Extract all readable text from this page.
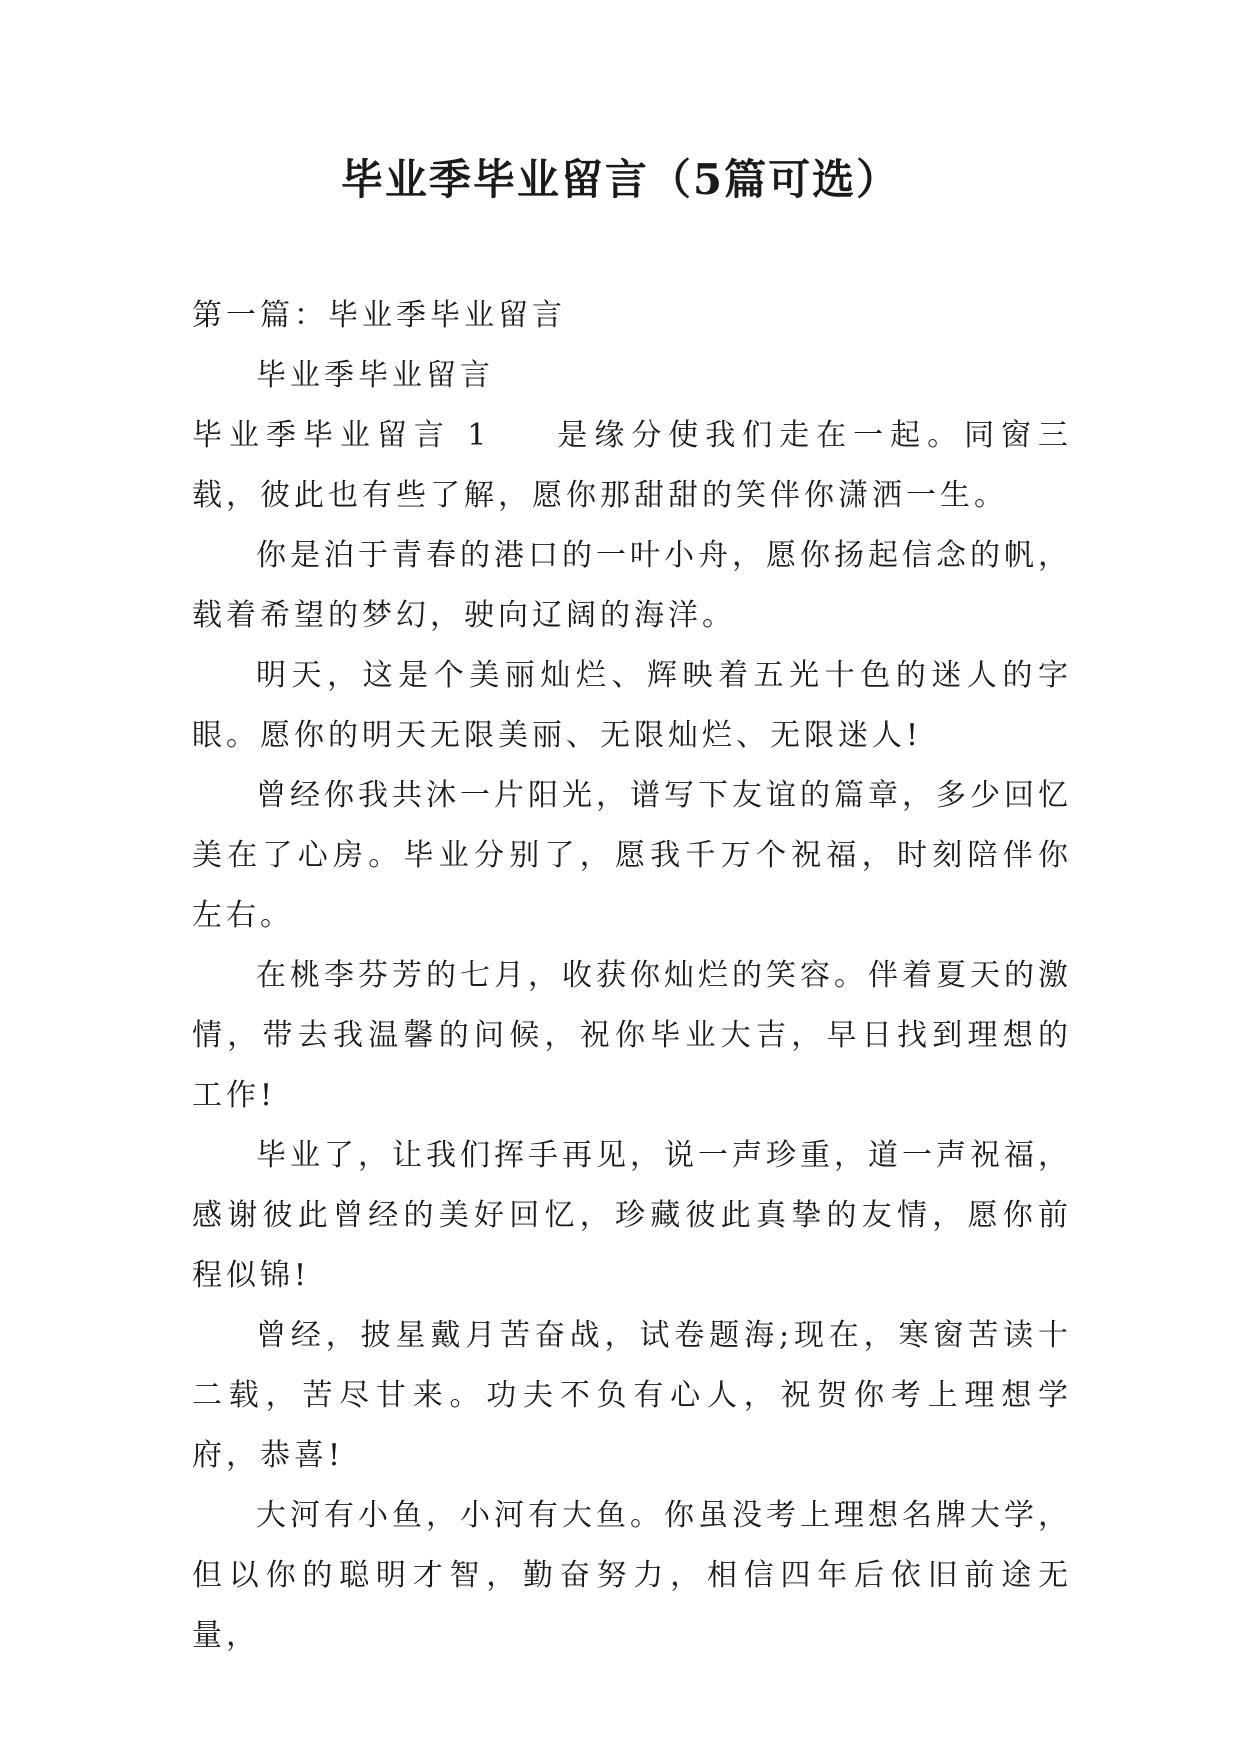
毕业季毕业留言（5篇可选）

第一篇：毕业季毕业留言

毕业季毕业留言

毕业季毕业留言 1 是缘分使我们走在一起。同窗三载，彼此也有些了解，愿你那甜甜的笑伴你潇洒一生。

你是泊于青春的港口的一叶小舟，愿你扬起信念的帆，载着希望的梦幻，驶向辽阔的海洋。

明天，这是个美丽灿烂、辉映着五光十色的迷人的字眼。愿你的明天无限美丽、无限灿烂、无限迷人!

曾经你我共沐一片阳光，谱写下友谊的篇章，多少回忆美在了心房。毕业分别了，愿我千万个祝福，时刻陪伴你左右。

在桃李芬芳的七月，收获你灿烂的笑容。伴着夏天的激情，带去我温馨的问候，祝你毕业大吉，早日找到理想的工作!

毕业了，让我们挥手再见，说一声珍重，道一声祝福，感谢彼此曾经的美好回忆，珍藏彼此真挚的友情，愿你前程似锦!

曾经，披星戴月苦奋战，试卷题海;现在，寒窗苦读十二载，苦尽甘来。功夫不负有心人，祝贺你考上理想学府，恭喜!

大河有小鱼，小河有大鱼。你虽没考上理想名牌大学，但以你的聪明才智，勤奋努力，相信四年后依旧前途无量，
